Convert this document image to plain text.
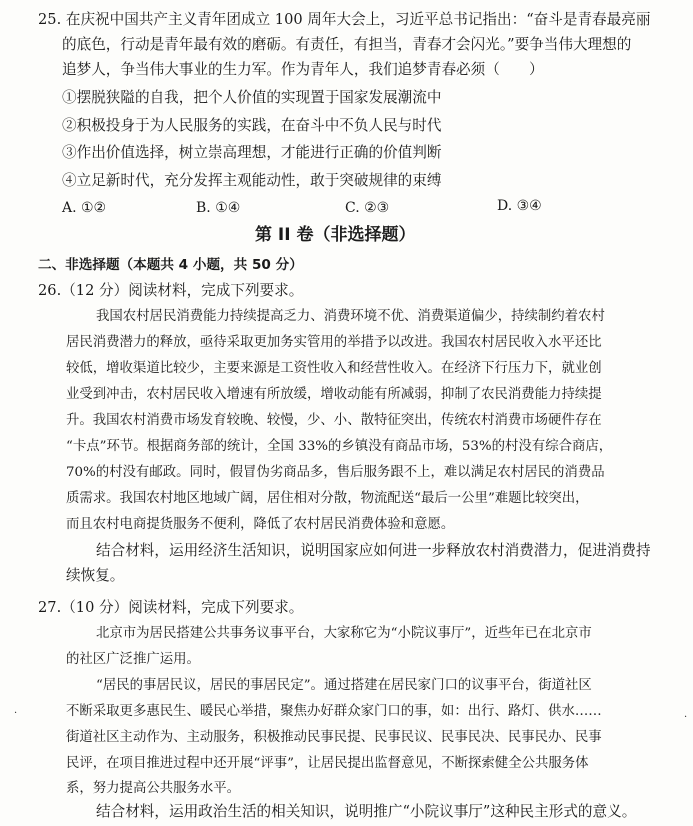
25. 在庆祝中国共产主义青年团成立 100 周年大会上，习近平总书记指出：“奋斗是青春最亮丽
的底色，行动是青年最有效的磨砺。有责任，有担当，青春才会闪光。”要争当伟大理想的
追梦人，争当伟大事业的生力军。作为青年人，我们追梦青春必须（　　）
①摆脱狭隘的自我，把个人价值的实现置于国家发展潮流中
②积极投身于为人民服务的实践，在奋斗中不负人民与时代
③作出价值选择，树立崇高理想，才能进行正确的价值判断
④立足新时代，充分发挥主观能动性，敢于突破规律的束缚
A. ①②	B. ①④	C. ②③	D. ③④
第 II 卷（非选择题）
二、非选择题（本题共 4 小题，共 50 分）
26.（12 分）阅读材料，完成下列要求。
我国农村居民消费能力持续提高乏力、消费环境不优、消费渠道偏少，持续制约着农村
居民消费潜力的释放，亟待采取更加务实管用的举措予以改进。我国农村居民收入水平还比
较低，增收渠道比较少，主要来源是工资性收入和经营性收入。在经济下行压力下，就业创
业受到冲击，农村居民收入增速有所放缓，增收动能有所减弱，抑制了农民消费能力持续提
升。我国农村消费市场发育较晚、较慢，少、小、散特征突出，传统农村消费市场硬件存在
“卡点”环节。根据商务部的统计，全国 33%的乡镇没有商品市场，53%的村没有综合商店，
70%的村没有邮政。同时，假冒伪劣商品多，售后服务跟不上，难以满足农村居民的消费品
质需求。我国农村地区地域广阔，居住相对分散，物流配送“最后一公里”难题比较突出，
而且农村电商提货服务不便利，降低了农村居民消费体验和意愿。
结合材料，运用经济生活知识，说明国家应如何进一步释放农村消费潜力，促进消费持
续恢复。
27.（10 分）阅读材料，完成下列要求。
北京市为居民搭建公共事务议事平台，大家称它为“小院议事厅”，近些年已在北京市
的社区广泛推广运用。
“居民的事居民议，居民的事居民定”。通过搭建在居民家门口的议事平台，街道社区
不断采取更多惠民生、暖民心举措，聚焦办好群众家门口的事，如：出行、路灯、供水……
街道社区主动作为、主动服务，积极推动民事民提、民事民议、民事民决、民事民办、民事
民评，在项目推进过程中还开展“评事”，让居民提出监督意见，不断探索健全公共服务体
系，努力提高公共服务水平。
结合材料，运用政治生活的相关知识，说明推广“小院议事厅”这种民主形式的意义。
·	·
